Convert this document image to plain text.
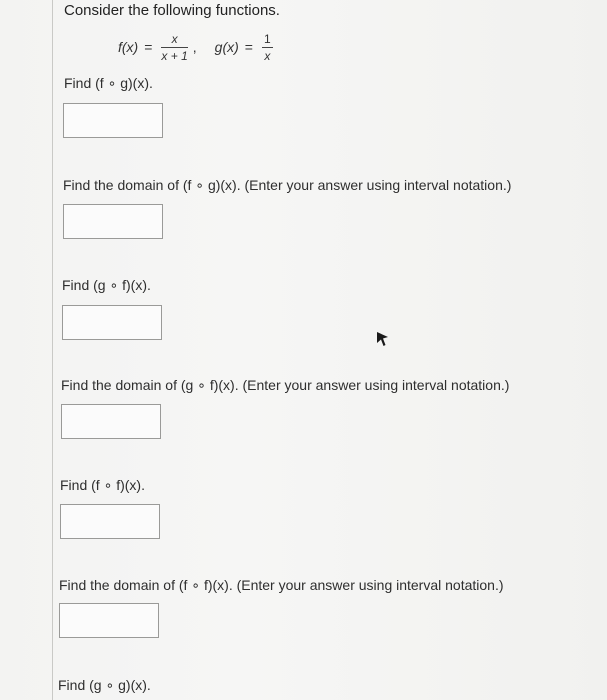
Consider the following functions.
$f(x) = \frac{x}{x + 1}$ , $g(x) = \frac{1}{x}$
Find (f ∘ g)(x).
Find the domain of (f ∘ g)(x). (Enter your answer using interval notation.)
Find (g ∘ f)(x).
Find the domain of (g ∘ f)(x). (Enter your answer using interval notation.)
Find (f ∘ f)(x).
Find the domain of (f ∘ f)(x). (Enter your answer using interval notation.)
Find (g ∘ g)(x).
